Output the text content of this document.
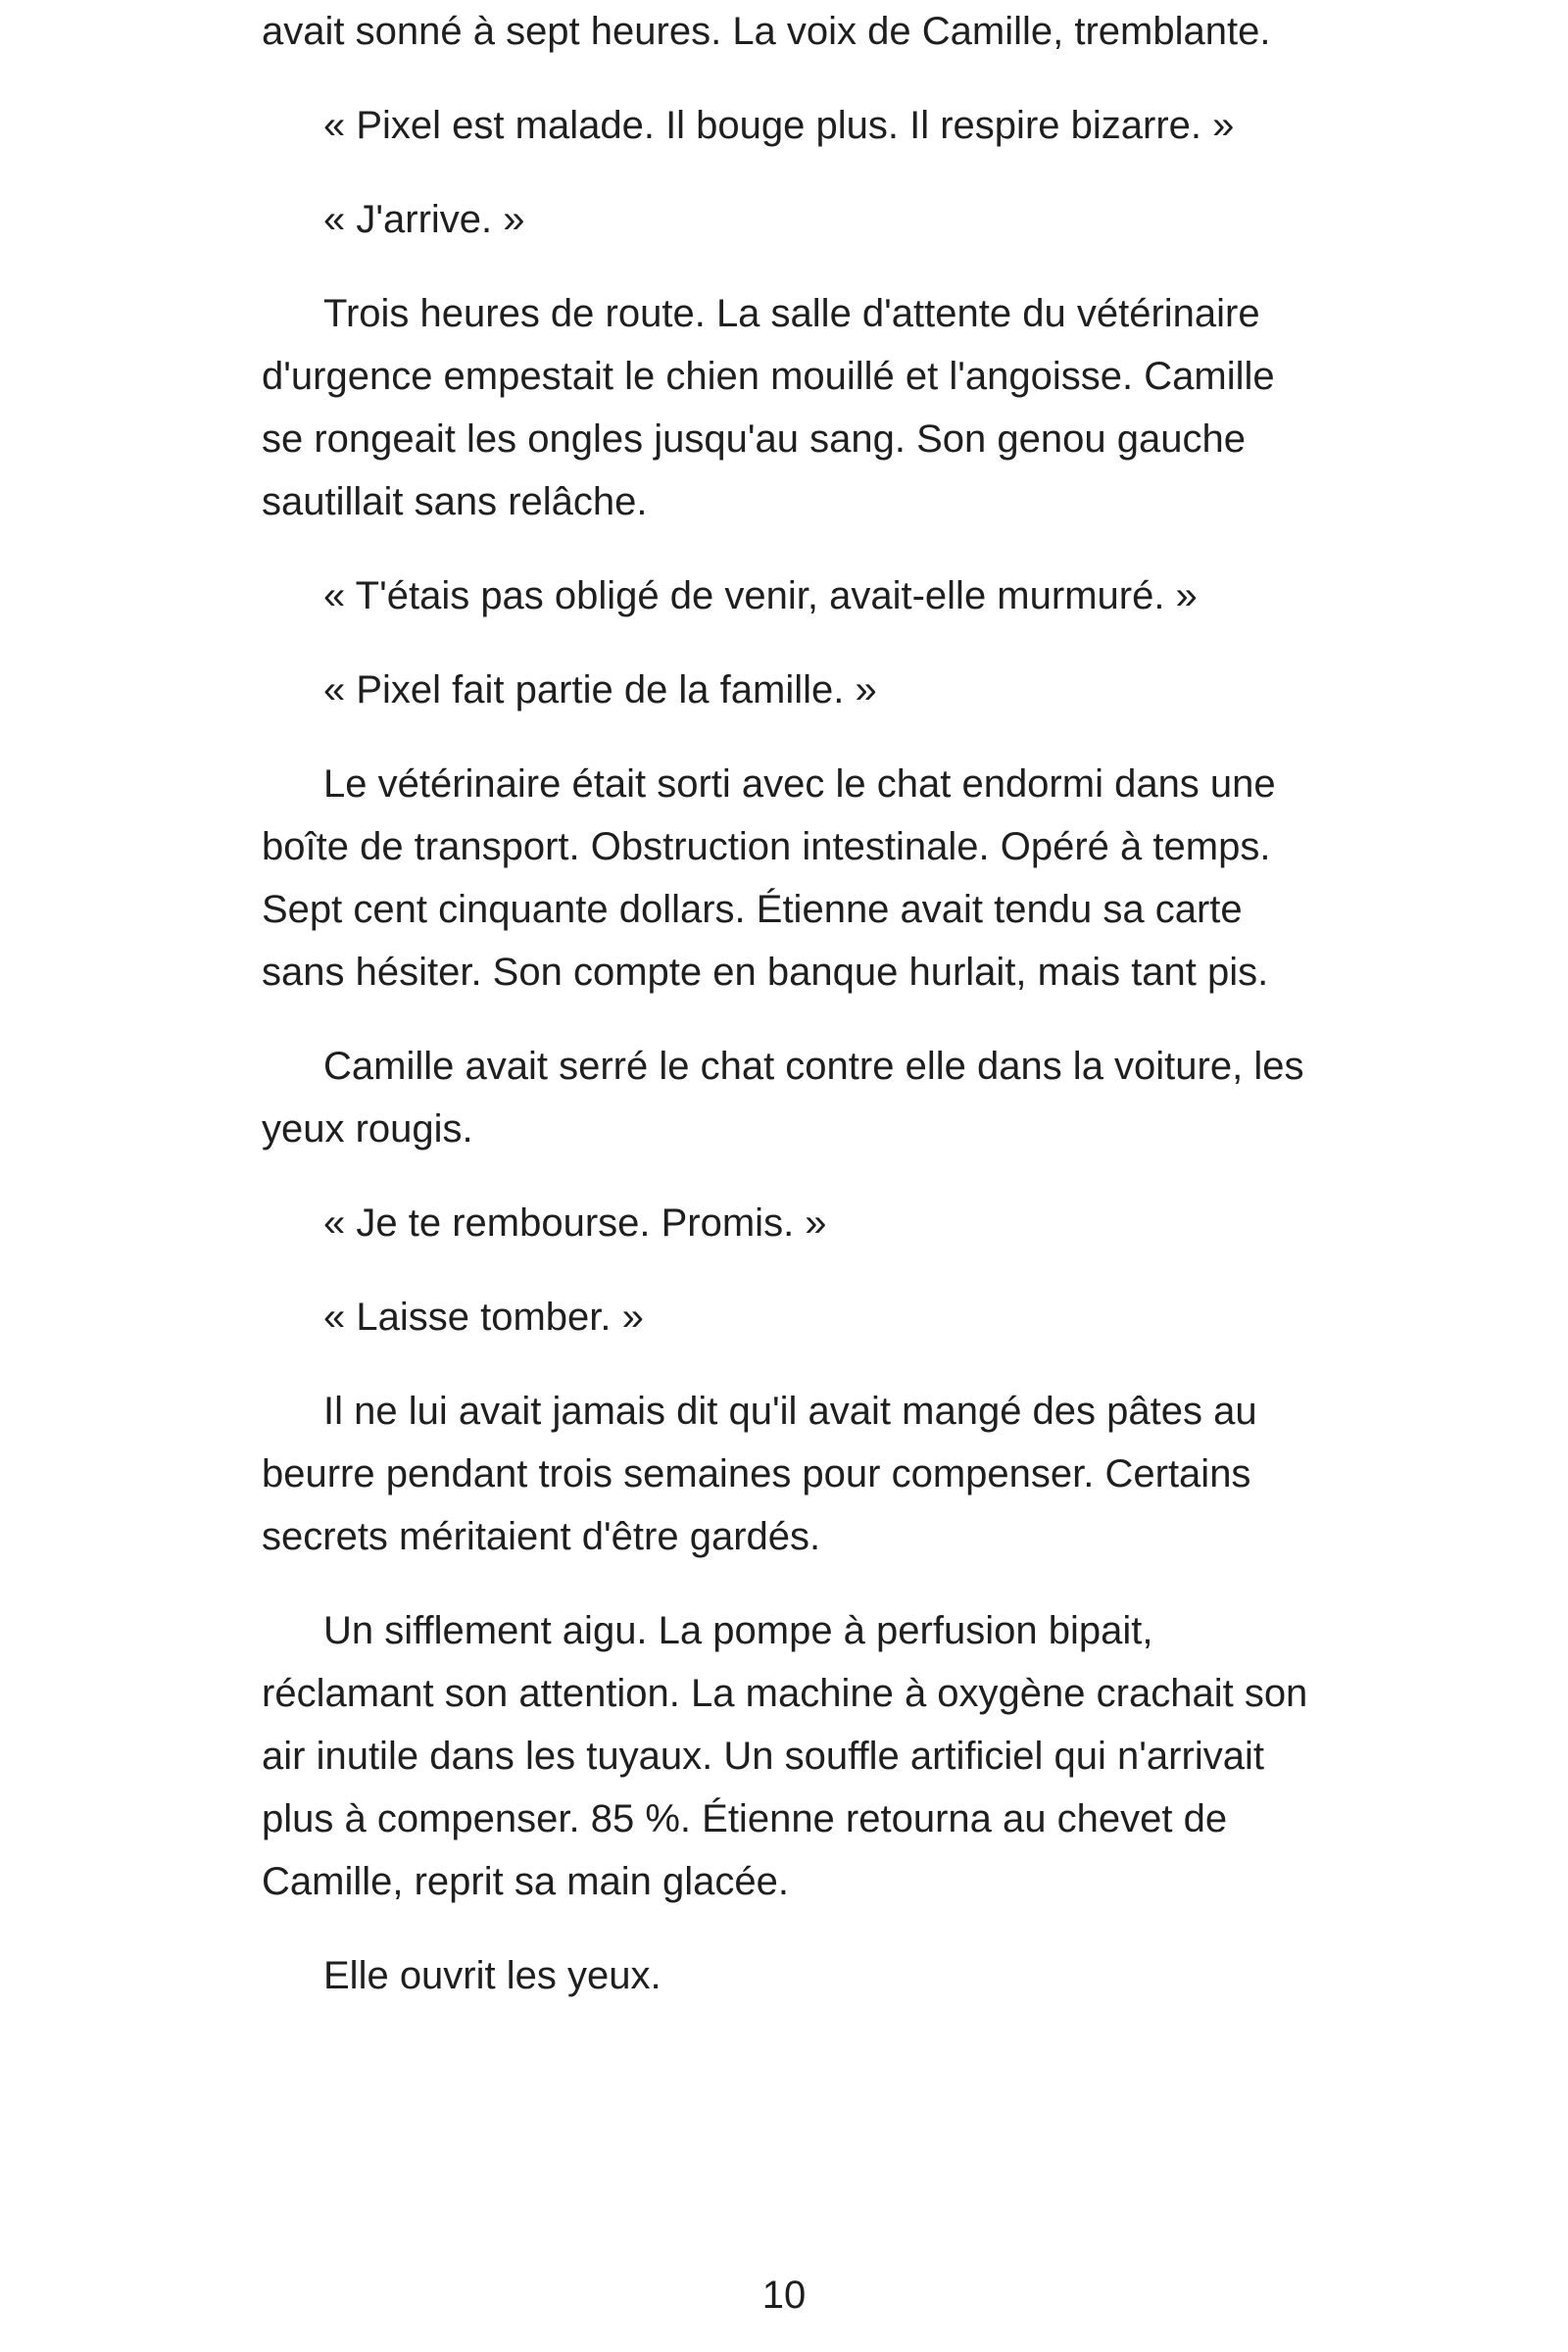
avait sonné à sept heures. La voix de Camille, tremblante.

« Pixel est malade. Il bouge plus. Il respire bizarre. »

« J'arrive. »

Trois heures de route. La salle d'attente du vétérinaire d'urgence empestait le chien mouillé et l'angoisse. Camille se rongeait les ongles jusqu'au sang. Son genou gauche sautillait sans relâche.

« T'étais pas obligé de venir, avait-elle murmuré. »

« Pixel fait partie de la famille. »

Le vétérinaire était sorti avec le chat endormi dans une boîte de transport. Obstruction intestinale. Opéré à temps. Sept cent cinquante dollars. Étienne avait tendu sa carte sans hésiter. Son compte en banque hurlait, mais tant pis.

Camille avait serré le chat contre elle dans la voiture, les yeux rougis.

« Je te rembourse. Promis. »

« Laisse tomber. »

Il ne lui avait jamais dit qu'il avait mangé des pâtes au beurre pendant trois semaines pour compenser. Certains secrets méritaient d'être gardés.

Un sifflement aigu. La pompe à perfusion bipait, réclamant son attention. La machine à oxygène crachait son air inutile dans les tuyaux. Un souffle artificiel qui n'arrivait plus à compenser. 85 %. Étienne retourna au chevet de Camille, reprit sa main glacée.

Elle ouvrit les yeux.

10
